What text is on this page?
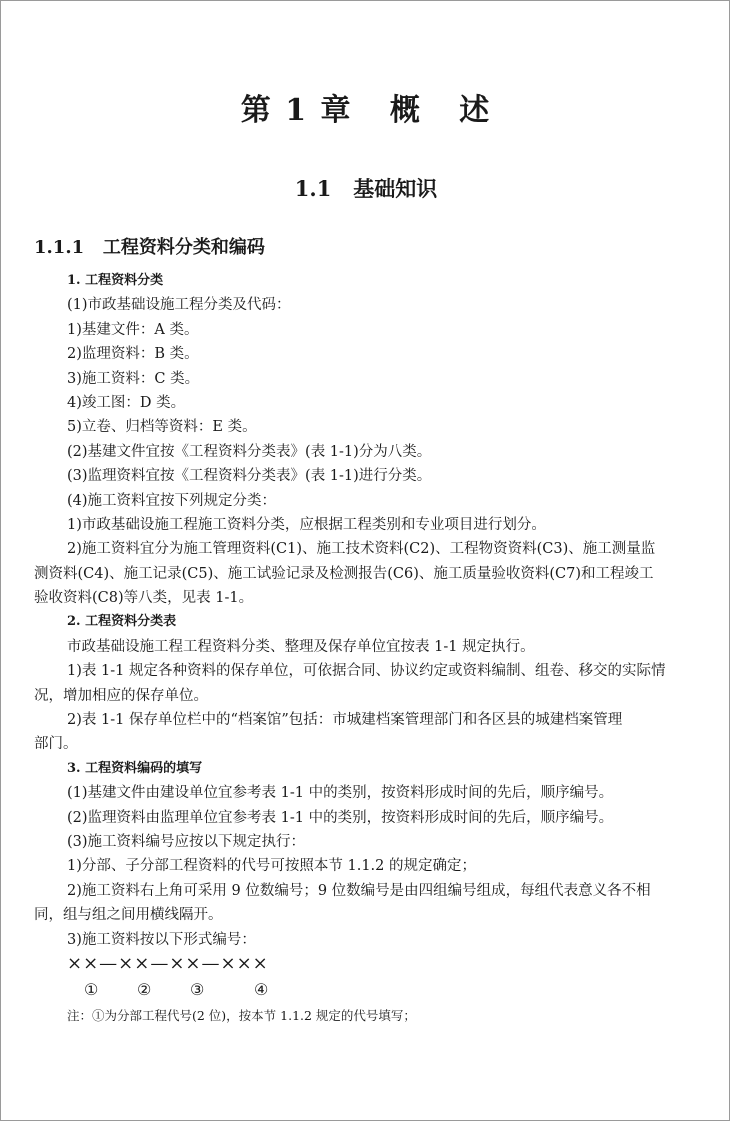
第 1 章   概   述
1.1   基础知识
1.1.1   工程资料分类和编码
1. 工程资料分类
(1)市政基础设施工程分类及代码：
1)基建文件：A 类。
2)监理资料：B 类。
3)施工资料：C 类。
4)竣工图：D 类。
5)立卷、归档等资料：E 类。
(2)基建文件宜按《工程资料分类表》(表 1-1)分为八类。
(3)监理资料宜按《工程资料分类表》(表 1-1)进行分类。
(4)施工资料宜按下列规定分类：
1)市政基础设施工程施工资料分类，应根据工程类别和专业项目进行划分。
2)施工资料宜分为施工管理资料(C1)、施工技术资料(C2)、工程物资资料(C3)、施工测量监
测资料(C4)、施工记录(C5)、施工试验记录及检测报告(C6)、施工质量验收资料(C7)和工程竣工
验收资料(C8)等八类，见表 1-1。
2. 工程资料分类表
市政基础设施工程工程资料分类、整理及保存单位宜按表 1-1 规定执行。
1)表 1-1 规定各种资料的保存单位，可依据合同、协议约定或资料编制、组卷、移交的实际情
况，增加相应的保存单位。
2)表 1-1 保存单位栏中的“档案馆”包括：市城建档案管理部门和各区县的城建档案管理
部门。
3. 工程资料编码的填写
(1)基建文件由建设单位宜参考表 1-1 中的类别，按资料形成时间的先后，顺序编号。
(2)监理资料由监理单位宜参考表 1-1 中的类别，按资料形成时间的先后，顺序编号。
(3)施工资料编号应按以下规定执行：
1)分部、子分部工程资料的代号可按照本节 1.1.2 的规定确定；
2)施工资料右上角可采用 9 位数编号；9 位数编号是由四组编号组成，每组代表意义各不相
同，组与组之间用横线隔开。
3)施工资料按以下形式编号：
××—××—××—×××
① ② ③	④
注：①为分部工程代号(2 位)，按本节 1.1.2 规定的代号填写；
